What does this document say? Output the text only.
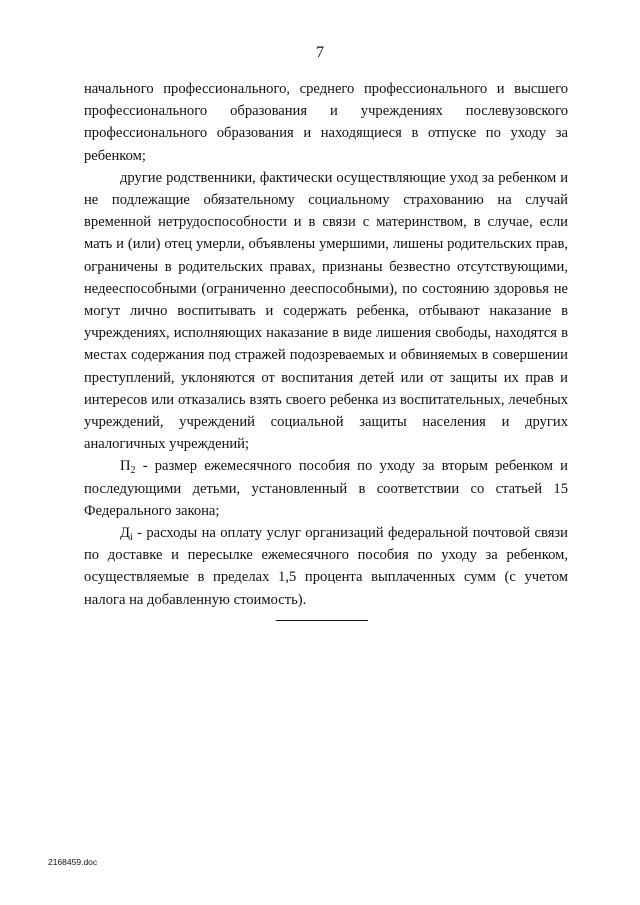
7

начального профессионального, среднего профессионального и высшего профессионального образования и учреждениях послевузовского профессионального образования и находящиеся в отпуске по уходу за ребенком;

другие родственники, фактически осуществляющие уход за ребенком и не подлежащие обязательному социальному страхованию на случай временной нетрудоспособности и в связи с материнством, в случае, если мать и (или) отец умерли, объявлены умершими, лишены родительских прав, ограничены в родительских правах, признаны безвестно отсутствующими, недееспособными (ограниченно дееспособными), по состоянию здоровья не могут лично воспитывать и содержать ребенка, отбывают наказание в учреждениях, исполняющих наказание в виде лишения свободы, находятся в местах содержания под стражей подозреваемых и обвиняемых в совершении преступлений, уклоняются от воспитания детей или от защиты их прав и интересов или отказались взять своего ребенка из воспитательных, лечебных учреждений, учреждений социальной защиты населения и других аналогичных учреждений;

$П_2$ - размер ежемесячного пособия по уходу за вторым ребенком и последующими детьми, установленный в соответствии со статьей 15 Федерального закона;

$Д_i$ - расходы на оплату услуг организаций федеральной почтовой связи по доставке и пересылке ежемесячного пособия по уходу за ребенком, осуществляемые в пределах 1,5 процента выплаченных сумм (с учетом налога на добавленную стоимость).

2168459.doc
